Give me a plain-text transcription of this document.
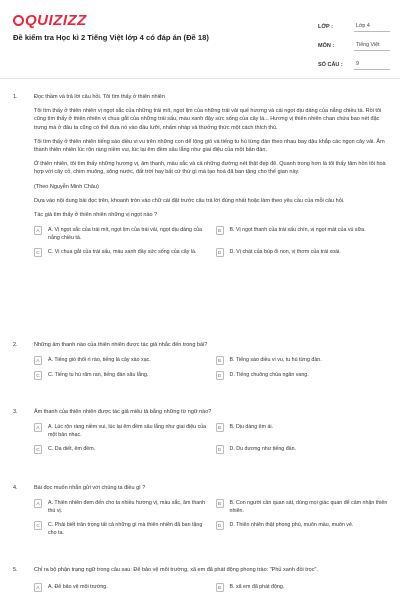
QUIZIZZ
Đề kiểm tra Học kì 2 Tiếng Việt lớp 4 có đáp án (Đề 18)
LỚP :	Lớp 4
MÔN :	Tiếng Việt
SỐ CÂU :	9
1.	Đọc thầm và trả lời câu hỏi. Tôi tìm thấy ở thiên nhiên

Tôi tìm thấy ở thiên nhiên vị ngọt sắc của những trái mít, ngọt lịm của những trái vải quế hương và cái ngọt dịu dàng của nắng chiều tà. Rồi tôi cũng tìm thấy ở thiên nhiên vị chua gắt của những trái sấu, màu xanh đậy sức sống của cây lá... Hương vị thiên nhiên chan chứa bao nét đặc trưng mà ở đâu ta cũng có thể đưa nó vào đầu lưỡi, nhấm nháp và thưởng thức một cách thích thú.

Tôi tìm thấy ở thiên nhiên tiếng sáo diều vi vu trên những con dê lộng gió và tiếng tu hú từng đàn theo nhau bay dậu khắp các ngọn cây vải. Âm thanh thiên nhiên lúc rộn ràng niềm vui, lúc lại êm đềm sâu lắng như giai điệu của một bản đàn.

Ở thiên nhiên, tôi tìm thấy những hương vị, âm thanh, màu sắc và cả những đường nét thật đẹp đẽ. Quanh trong hơn là tôi thấy tâm hồn tôi hoà hợp với cây cỏ, chim muông, sông nước, đất trời hay bất cứ thứ gì mà tạo hoá đã ban tặng cho thế gian này.

(Theo Nguyễn Minh Châu)

Dựa vào nội dung bài đọc trên, khoanh tròn vào chữ cái đặt trước câu trả lời đúng nhất hoặc làm theo yêu cầu của mỗi câu hỏi.

Tác giả tìm thấy ở thiên nhiên những vị ngọt nào ?
A	A. Vị ngọt sắc của trái mít, ngọt lịm của trái vải, ngọt dịu dàng của nắng chiều tà.
B	B. Vị ngọt thanh của trái xấu chín, vị ngọt mát của vú sữa.
C	C. Vị chua gắt của trái sấu, màu xanh đầy sức sống của cây lá.	D	D. Vị chát của búp ổi non, vị thơm của trái xoài.
2.	Những âm thanh nào của thiên nhiên được tác giả nhắc đến trong bài?
A	A. Tiếng gió thổi rì rào, tiếng lá cây xào xạc.	B	B. Tiếng sáo diều vi vu, tu hú từng đàn.
C	C. Tiếng tu hú râm ran, tiếng đàn sâu lắng.	D	D. Tiếng chuông chùa ngân vang.
3.	Âm thanh của thiên nhiên được tác giả miêu tả bằng những từ ngữ nào?
A	A. Lúc rộn ràng niềm vui, lúc lại êm đềm sâu lắng như giai điệu của một bản nhạc.
B	B. Dịu dàng êm ái.
C	C. Da diết, êm đềm.	D	D. Du dương như tiếng đàn.
4.	Bài đọc muốn nhắn gửi với chúng ta điều gì ?
A	A. Thiên nhiên đem đến cho ta nhiều hương vị, màu sắc, âm thanh thú vị.
B	B. Con người cần quan sát, dùng mọi giác quan để cảm nhận thiên nhiên.
C	C. Phải biết trân trọng tất cả những gì mà thiên nhiên đã ban tặng cho ta.
D	D. Thiên nhiên thật phong phú, muôn màu, muôn vẻ.
5.	Chỉ ra bộ phận trạng ngữ trong câu sau: Để bảo vệ môi trường, xã em đã phát động phong trào: "Phủ xanh đồi trọc".
A	A. Để bảo vệ môi trường.	B	B. xã em đã phát động.
